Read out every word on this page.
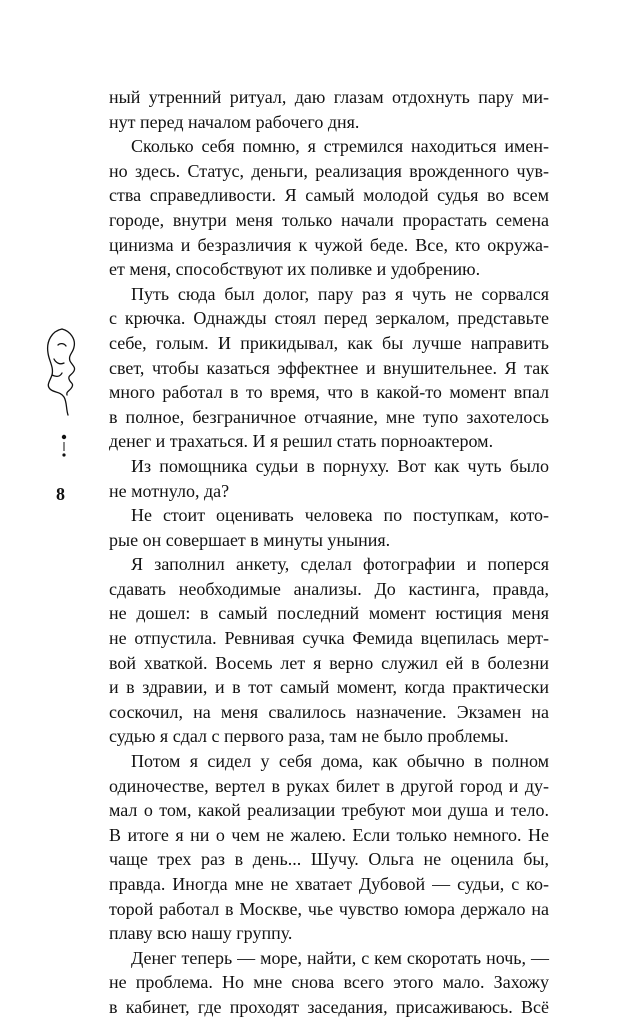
8
ный утренний ритуал, даю глазам отдохнуть пару ми-
нут перед началом рабочего дня.
Сколько себя помню, я стремился находиться имен-
но здесь. Статус, деньги, реализация врожденного чув-
ства справедливости. Я самый молодой судья во всем
городе, внутри меня только начали прорастать семена
цинизма и безразличия к чужой беде. Все, кто окружа-
ет меня, способствуют их поливке и удобрению.
Путь сюда был долог, пару раз я чуть не сорвался
с крючка. Однажды стоял перед зеркалом, представьте
себе, голым. И прикидывал, как бы лучше направить
свет, чтобы казаться эффектнее и внушительнее. Я так
много работал в то время, что в какой-то момент впал
в полное, безграничное отчаяние, мне тупо захотелось
денег и трахаться. И я решил стать порноактером.
Из помощника судьи в порнуху. Вот как чуть было
не мотнуло, да?
Не стоит оценивать человека по поступкам, кото-
рые он совершает в минуты уныния.
Я заполнил анкету, сделал фотографии и поперся
сдавать необходимые анализы. До кастинга, правда,
не дошел: в самый последний момент юстиция меня
не отпустила. Ревнивая сучка Фемида вцепилась мерт-
вой хваткой. Восемь лет я верно служил ей в болезни
и в здравии, и в тот самый момент, когда практически
соскочил, на меня свалилось назначение. Экзамен на
судью я сдал с первого раза, там не было проблемы.
Потом я сидел у себя дома, как обычно в полном
одиночестве, вертел в руках билет в другой город и ду-
мал о том, какой реализации требуют мои душа и тело.
В итоге я ни о чем не жалею. Если только немного. Не
чаще трех раз в день... Шучу. Ольга не оценила бы,
правда. Иногда мне не хватает Дубовой — судьи, с ко-
торой работал в Москве, чье чувство юмора держало на
плаву всю нашу группу.
Денег теперь — море, найти, с кем скоротать ночь, —
не проблема. Но мне снова всего этого мало. Захожу
в кабинет, где проходят заседания, присаживаюсь. Всё
